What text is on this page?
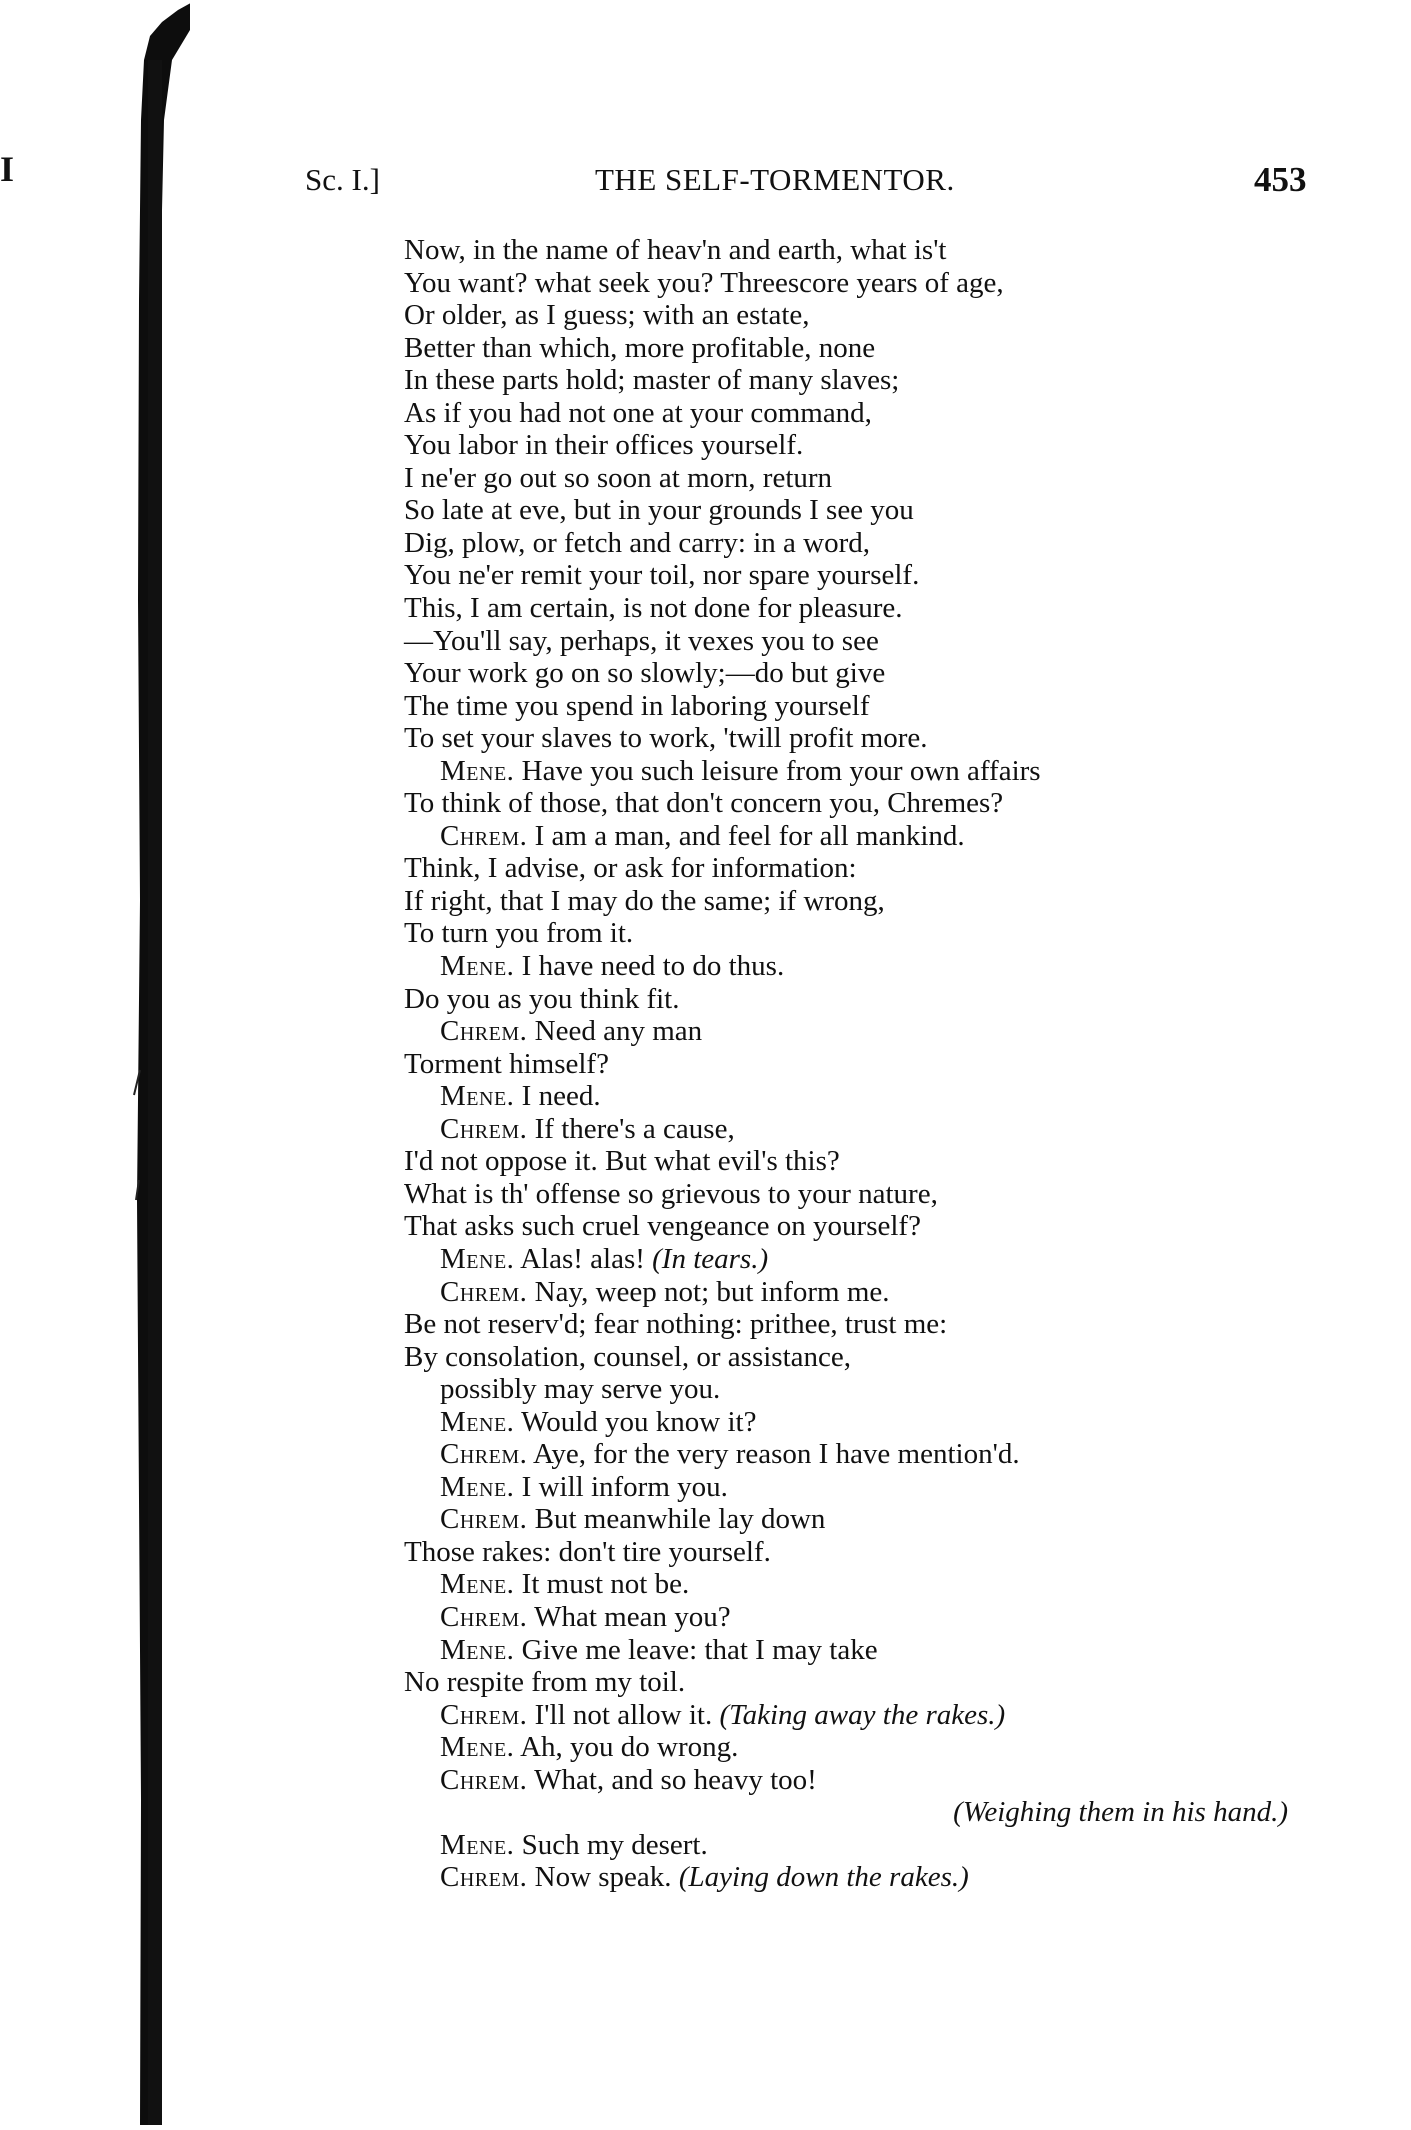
I	Sc. I.]	THE SELF-TORMENTOR.	453
Now, in the name of heav'n and earth, what is't
You want? what seek you? Threescore years of age,
Or older, as I guess; with an estate,
Better than which, more profitable, none
In these parts hold; master of many slaves;
As if you had not one at your command,
You labor in their offices yourself.
I ne'er go out so soon at morn, return
So late at eve, but in your grounds I see you
Dig, plow, or fetch and carry: in a word,
You ne'er remit your toil, nor spare yourself.
This, I am certain, is not done for pleasure.
—You'll say, perhaps, it vexes you to see
Your work go on so slowly;—do but give
The time you spend in laboring yourself
To set your slaves to work, 'twill profit more.
Mene. Have you such leisure from your own affairs
To think of those, that don't concern you, Chremes?
Chrem. I am a man, and feel for all mankind.
Think, I advise, or ask for information:
If right, that I may do the same; if wrong,
To turn you from it.
Mene. I have need to do thus.
Do you as you think fit.
Chrem. Need any man
Torment himself?
Mene. I need.
Chrem. If there's a cause,
I'd not oppose it. But what evil's this?
What is th' offense so grievous to your nature,
That asks such cruel vengeance on yourself?
Mene. Alas! alas! (In tears.)
Chrem. Nay, weep not; but inform me.
Be not reserv'd; fear nothing: prithee, trust me:
By consolation, counsel, or assistance,
possibly may serve you.
Mene. Would you know it?
Chrem. Aye, for the very reason I have mention'd.
Mene. I will inform you.
Chrem. But meanwhile lay down
Those rakes: don't tire yourself.
Mene. It must not be.
Chrem. What mean you?
Mene. Give me leave: that I may take
No respite from my toil.
Chrem. I'll not allow it. (Taking away the rakes.)
Mene. Ah, you do wrong.
Chrem. What, and so heavy too!
(Weighing them in his hand.)
Mene. Such my desert.
Chrem. Now speak. (Laying down the rakes.)
